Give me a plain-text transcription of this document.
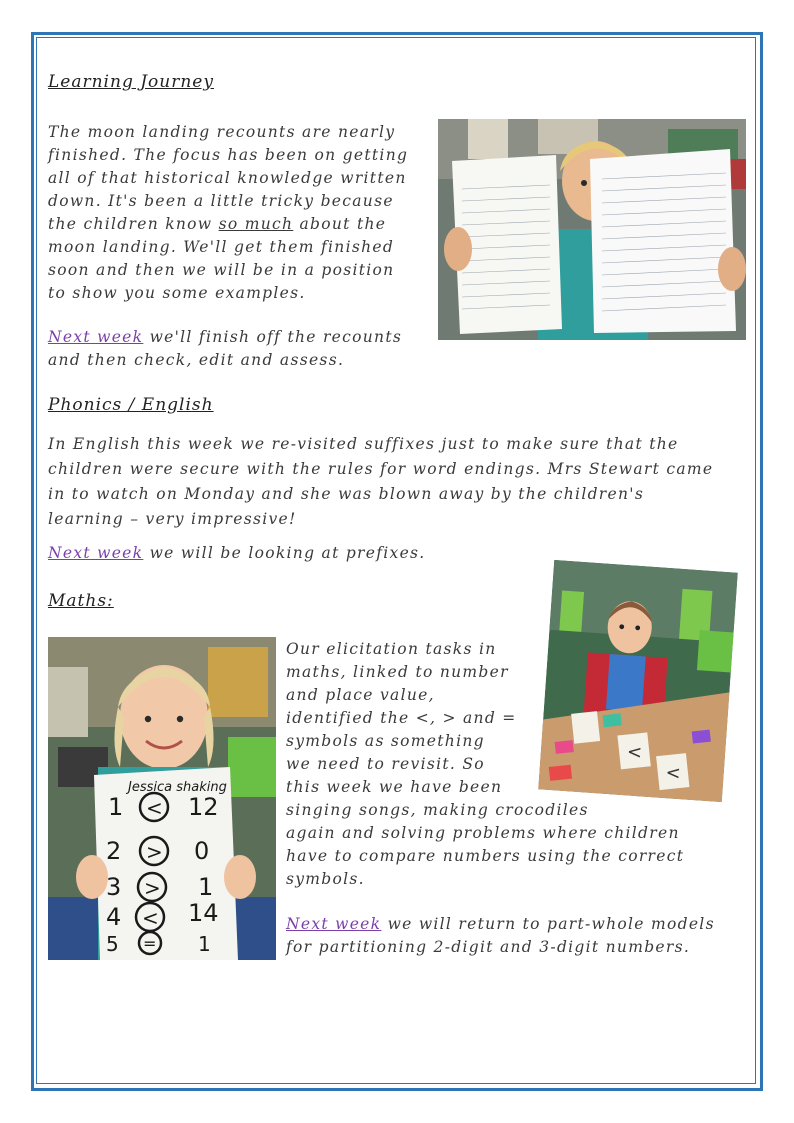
Learning Journey
The moon landing recounts are nearly
finished. The focus has been on getting
all of that historical knowledge written
down. It's been a little tricky because
the children know so much about the
moon landing. We'll get them finished
soon and then we will be in a position
to show you some examples.
Next week we'll finish off the recounts
and then check, edit and assess.
Phonics / English
In English this week we re-visited suffixes just to make sure that the
children were secure with the rules for word endings. Mrs Stewart came
in to watch on Monday and she was blown away by the children's
learning – very impressive!
Next week we will be looking at prefixes.
Maths:
<
<
Jessica shaking
1 < 12
2 > 0
3 > 1
4 < 14
5 = 1
Our elicitation tasks in
maths, linked to number
and place value,
identified the <, > and =
symbols as something
we need to revisit. So
this week we have been
singing songs, making crocodiles
again and solving problems where children
have to compare numbers using the correct
symbols.
Next week we will return to part-whole models
for partitioning 2-digit and 3-digit numbers.
